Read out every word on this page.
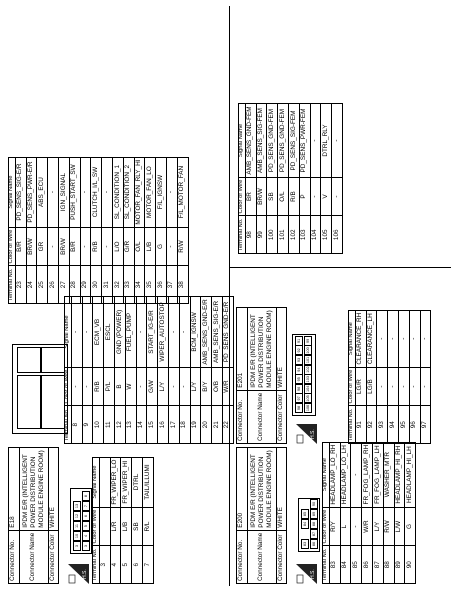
Connector No.	E18
Connector Name	IPDM E/R (INTELLIGENT POWER DISTRIBUTION MODULE ENGINE ROOM)

Connector Color	WHITE
H.S.
3
10
11
12
13
3
4
5
6
7
8
Terminal No.	Color of Wire	Signal Name
3		
4	L/R	FR_WIPER_LO
5	L/B	FR_WIPER_HI
6	SB	DTRL
7	R/L	TAIL/ILLUMI
Terminal No.	Color of Wire	Signal Name
8	-	-
9	-	-
10	R/B	ECM_VB
11	P/L	ESCL
12	B	GND (POWER)
13	W	FUEL_PUMP
14	-	-
15	G/W	START_IG-E/R
16	L/Y	WIPER_AUTOSTOP
17	-	-
18	-	-
19	L/Y	BCM_IGNSW
20	B/Y	AMB_SENS_GND-E/R
21	O/B	AMB_SENS_SIG-E/R
22	W/R	PD_SENS_GND-E/R
Terminal No.	Color of Wire	Signal Name
23	B/R	PD_SENS_SIG-E/R
24	BR/W	PD_SENS_PWR-E/R
25	GR	ABS_ECU
26	-	-
27	BR/W	IGN_SIGNAL
28	B/R	PUSH_START_SW
29	-	-
30	R/B	CLUTCH_I/L_SW
31	-	-
32	L/O	SL_CONDITION_1
33	G/R	SL_CONDITION_2
34	O/L	MOTOR_FAN_RLY_HI
35	L/B	MOTOR_FAN_LO
36	G	F/L_IGNSW
37	-	-
38	R/W	F/L_MOTOR_FAN
Connector No.	E200
Connector Name	IPDM E/R (INTELLIGENT POWER DISTRIBUTION MODULE ENGINE ROOM)

Connector Color	WHITE
H.S.
83
84
85
86
87
88
89
90
Terminal No.	Color of Wire	Signal Name
83	R/Y	HEADLAMP_LO_RH
84	L	HEADLAMP_LO_LH
85	-	-
86	W/R	FR_FOG_LAMP_RH
87	L/Y	FR_FOG_LAMP_LH
88	R/W	WASHER_MTR
89	L/W	HEADLAMP_HI_RH
90	G	HEADLAMP_HI_LH
Connector No.	E201
Connector Name	IPDM E/R (INTELLIGENT POWER DISTRIBUTION MODULE ENGINE ROOM)

Connector Color	WHITE
H.S.
98
97
96
95
94
93
92
91
106
105
104
103
102
101
100
99
Terminal No.	Color of Wire	Signal Name
91	LG/R	CLEARANCE_RH
92	LG/B	CLEARANCE_LH
93	-	-
94	-	-
95	-	-
96	-	-
97	-	-
Terminal No.	Color of Wire	Signal Name
98	BR	AMB_SENS_GND-FEM
99	BR/W	AMB_SENS_SIG-FEM
100	SB	PD_SENS_GND-FEM
101	O/L	PD_SENS_GND-FEM
102	R/B	PD_SENS_SIG-FEM
103	P	PD_SENS_PWR-FEM
104	-	-
105	V	DTRL_RLY
106	-	-
